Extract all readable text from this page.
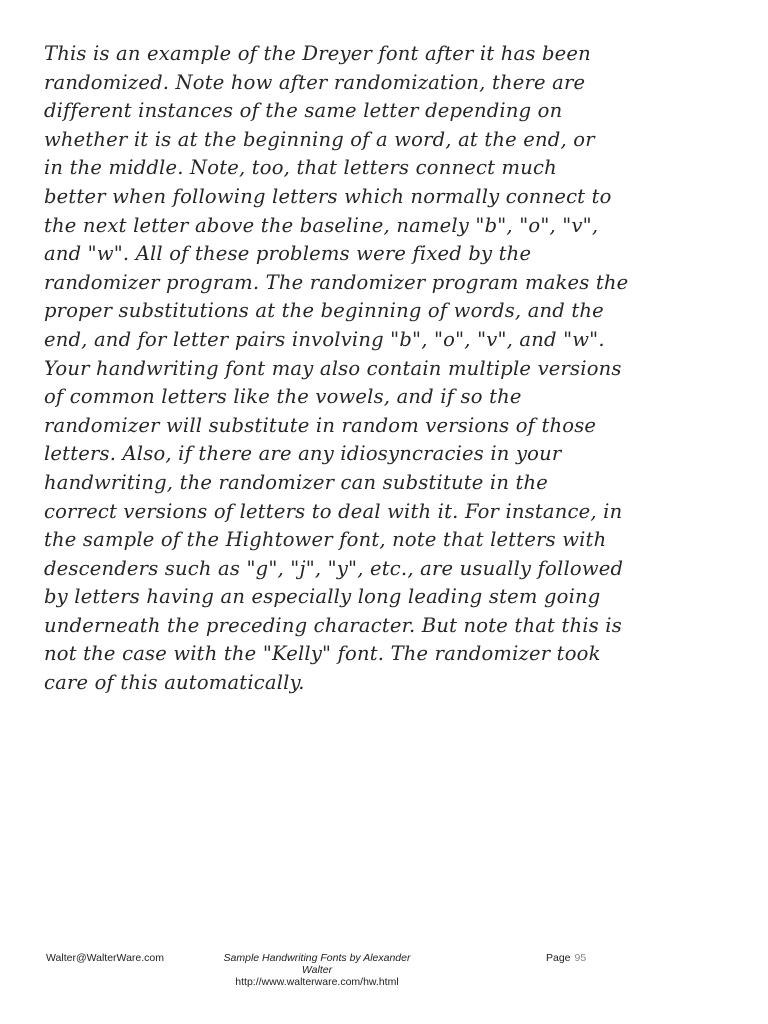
This is an example of the Dreyer font after it has been
randomized. Note how after randomization, there are
different instances of the same letter depending on
whether it is at the beginning of a word, at the end, or
in the middle. Note, too, that letters connect much
better when following letters which normally connect to
the next letter above the baseline, namely "b", "o", "v",
and "w". All of these problems were fixed by the
randomizer program. The randomizer program makes the
proper substitutions at the beginning of words, and the
end, and for letter pairs involving "b", "o", "v", and "w".
Your handwriting font may also contain multiple versions
of common letters like the vowels, and if so the
randomizer will substitute in random versions of those
letters. Also, if there are any idiosyncracies in your
handwriting, the randomizer can substitute in the
correct versions of letters to deal with it. For instance, in
the sample of the Hightower font, note that letters with
descenders such as "g", "j", "y", etc., are usually followed
by letters having an especially long leading stem going
underneath the preceding character. But note that this is
not the case with the "Kelly" font. The randomizer took
care of this automatically.
Walter@WalterWare.com	Sample Handwriting Fonts by Alexander Walter
http://www.walterware.com/hw.html
Page 95
